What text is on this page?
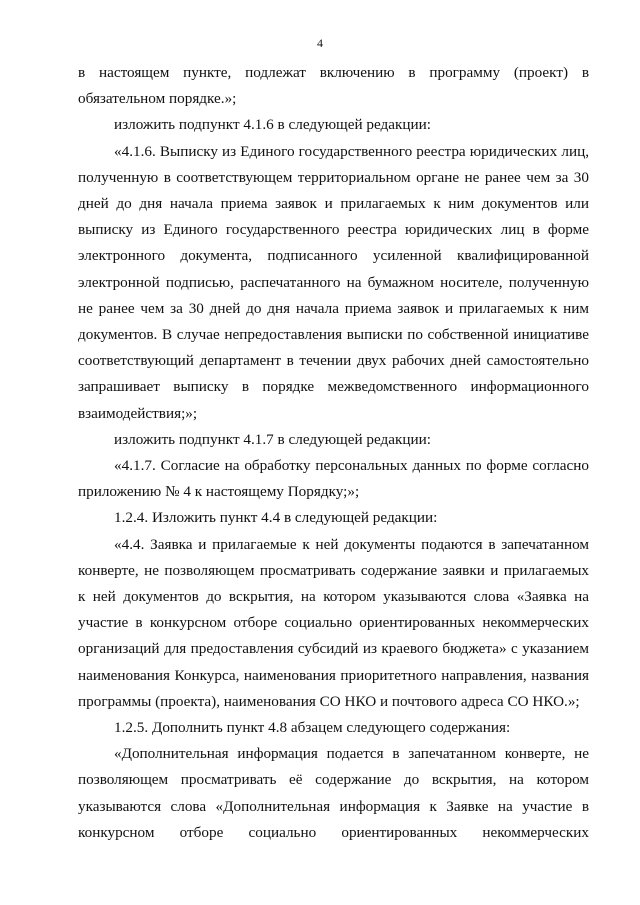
4

в настоящем пункте, подлежат включению в программу (проект) в обязательном порядке.»;

изложить подпункт 4.1.6 в следующей редакции:

«4.1.6. Выписку из Единого государственного реестра юридических лиц, полученную в соответствующем территориальном органе не ранее чем за 30 дней до дня начала приема заявок и прилагаемых к ним документов или выписку из Единого государственного реестра юридических лиц в форме электронного документа, подписанного усиленной квалифицированной электронной подписью, распечатанного на бумажном носителе, полученную не ранее чем за 30 дней до дня начала приема заявок и прилагаемых к ним документов. В случае непредоставления выписки по собственной инициативе соответствующий департамент в течении двух рабочих дней самостоятельно запрашивает выписку в порядке межведомственного информационного взаимодействия;»;

изложить подпункт 4.1.7 в следующей редакции:

«4.1.7. Согласие на обработку персональных данных по форме согласно приложению № 4 к настоящему Порядку;»;

1.2.4. Изложить пункт 4.4 в следующей редакции:

«4.4. Заявка и прилагаемые к ней документы подаются в запечатанном конверте, не позволяющем просматривать содержание заявки и прилагаемых к ней документов до вскрытия, на котором указываются слова «Заявка на участие в конкурсном отборе социально ориентированных некоммерческих организаций для предоставления субсидий из краевого бюджета» с указанием наименования Конкурса, наименования приоритетного направления, названия программы (проекта), наименования СО НКО и почтового адреса СО НКО.»;

1.2.5. Дополнить пункт 4.8 абзацем следующего содержания:

«Дополнительная информация подается в запечатанном конверте, не позволяющем просматривать её содержание до вскрытия, на котором указываются слова «Дополнительная информация к Заявке на участие в конкурсном отборе социально ориентированных некоммерческих
